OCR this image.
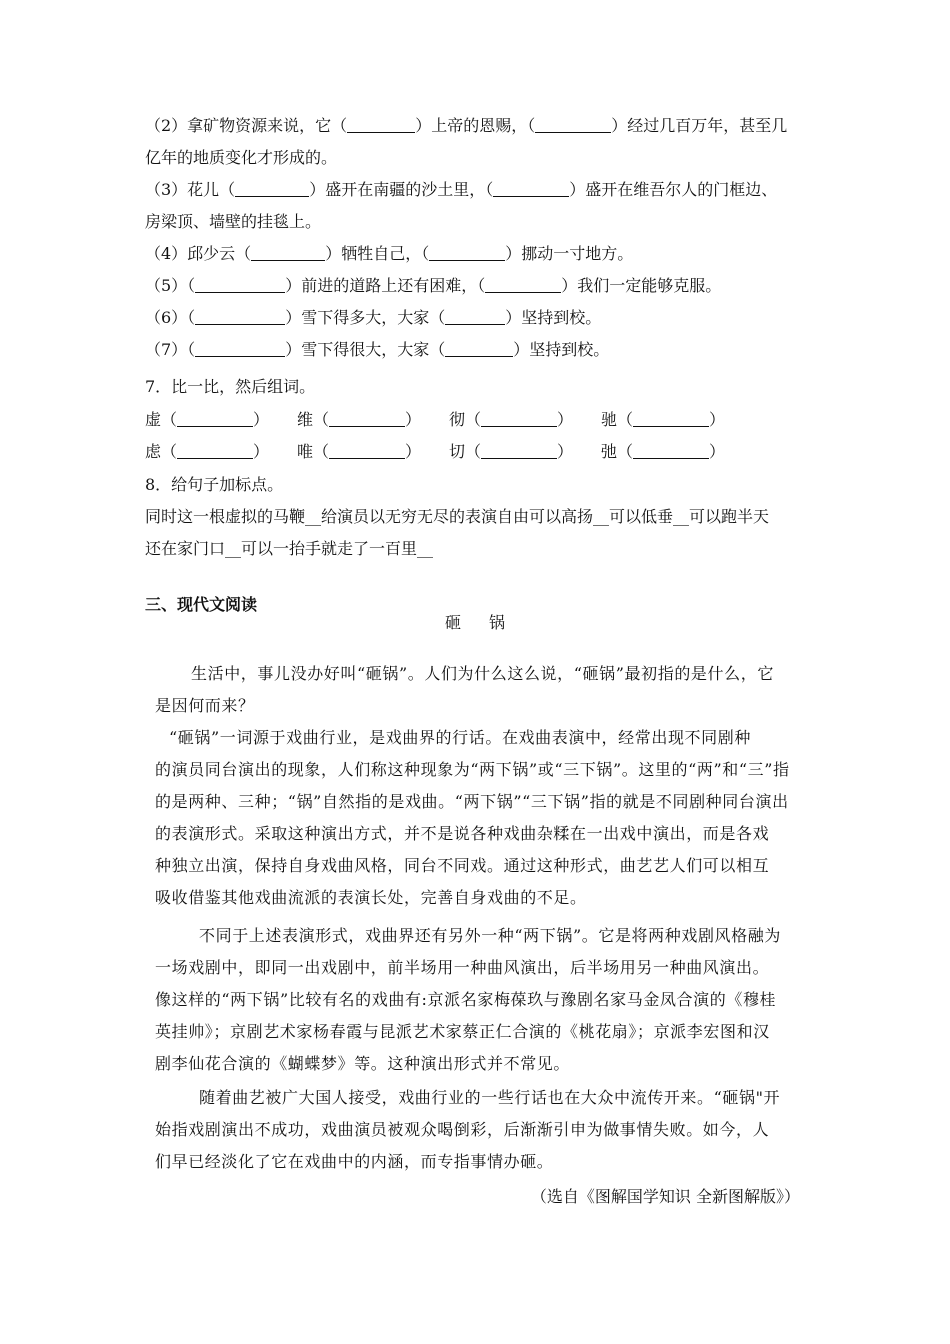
（2）拿矿物资源来说，它（	）上帝的恩赐，（	）经过几百万年，甚至几
亿年的地质变化才形成的。
（3）花儿（	）盛开在南疆的沙土里，（	）盛开在维吾尔人的门框边、
房梁顶、墙壁的挂毯上。
（4）邱少云（	）牺牲自己，（	）挪动一寸地方。
（5）（	）前进的道路上还有困难，（	）我们一定能够克服。
（6）（	）雪下得多大，大家（	）坚持到校。
（7）（	）雪下得很大，大家（	）坚持到校。
7．比一比，然后组词。
虚（	）	维（	）	彻（	）	驰（	）
虑（	）	唯（	）	切（	）	弛（	）
8．给句子加标点。
同时这一根虚拟的马鞭__给演员以无穷无尽的表演自由可以高扬__可以低垂__可以跑半天
还在家门口__可以一抬手就走了一百里__
三、现代文阅读
砸 锅

生活中，事儿没办好叫“砸锅”。人们为什么这么说，“砸锅”最初指的是什么，它

是因何而来？

“砸锅”一词源于戏曲行业，是戏曲界的行话。在戏曲表演中，经常出现不同剧种

的演员同台演出的现象，人们称这种现象为“两下锅”或“三下锅”。这里的“两”和“三”指

的是两种、三种；“锅”自然指的是戏曲。“两下锅”“三下锅”指的就是不同剧种同台演出

的表演形式。采取这种演出方式，并不是说各种戏曲杂糅在一出戏中演出，而是各戏

种独立出演，保持自身戏曲风格，同台不同戏。通过这种形式，曲艺艺人们可以相互

吸收借鉴其他戏曲流派的表演长处，完善自身戏曲的不足。

不同于上述表演形式，戏曲界还有另外一种“两下锅”。它是将两种戏剧风格融为

一场戏剧中，即同一出戏剧中，前半场用一种曲风演出，后半场用另一种曲风演出。

像这样的“两下锅”比较有名的戏曲有:京派名家梅葆玖与豫剧名家马金凤合演的《穆桂

英挂帅》；京剧艺术家杨春霞与昆派艺术家蔡正仁合演的《桃花扇》；京派李宏图和汉

剧李仙花合演的《蝴蝶梦》等。这种演出形式并不常见。

随着曲艺被广大国人接受，戏曲行业的一些行话也在大众中流传开来。“砸锅"开

始指戏剧演出不成功，戏曲演员被观众喝倒彩，后渐渐引申为做事情失败。如今，人

们早已经淡化了它在戏曲中的内涵，而专指事情办砸。

（选自《图解国学知识 全新图解版》）
